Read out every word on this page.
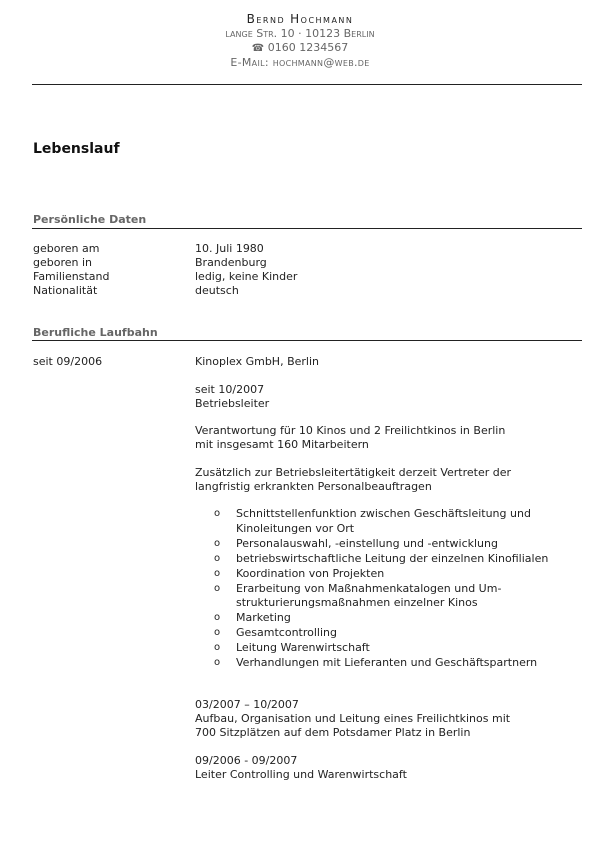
Bernd Hochmann
lange Str. 10 · 10123 Berlin
☎ 0160 1234567
E-Mail: hochmann@web.de
Lebenslauf
Persönliche Daten
geboren am	10. Juli 1980
geboren in	Brandenburg
Familienstand	ledig, keine Kinder
Nationalität	deutsch
Berufliche Laufbahn
seit 09/2006	Kinoplex GmbH, Berlin
seit 10/2007
Betriebsleiter
Verantwortung für 10 Kinos und 2 Freilichtkinos in Berlin
mit insgesamt 160 Mitarbeitern
Zusätzlich zur Betriebsleitertätigkeit derzeit Vertreter der
langfristig erkrankten Personalbeauftragen
o Schnittstellenfunktion zwischen Geschäftsleitung und
Kinoleitungen vor Ort
o Personalauswahl, -einstellung und -entwicklung
o betriebswirtschaftliche Leitung der einzelnen Kinofilialen
o Koordination von Projekten
o Erarbeitung von Maßnahmenkatalogen und Um-
strukturierungsmaßnahmen einzelner Kinos
o Marketing
o Gesamtcontrolling
o Leitung Warenwirtschaft
o Verhandlungen mit Lieferanten und Geschäftspartnern
03/2007 – 10/2007
Aufbau, Organisation und Leitung eines Freilichtkinos mit
700 Sitzplätzen auf dem Potsdamer Platz in Berlin
09/2006 - 09/2007
Leiter Controlling und Warenwirtschaft
